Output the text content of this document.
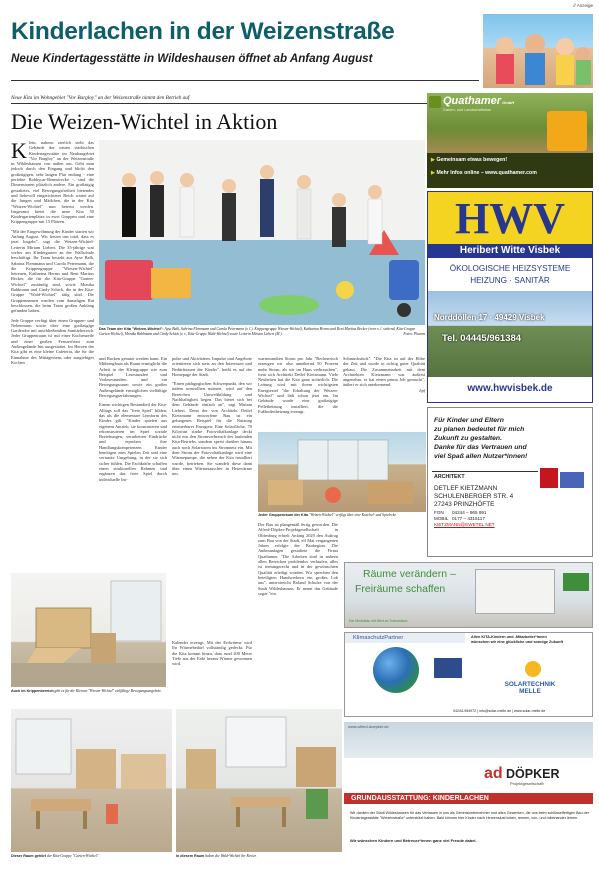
// Anzeige
Kinderlachen in der Weizenstraße
Neue Kindertagesstätte in Wildeshausen öffnet ab Anfang August
Neue Kita im Wohngebiet "Vor Bargloy" an der Weizenstraße nimmt den Betrieb auf
Die Weizen-Wichtel in Aktion
K lein, nahezu zierlich sieht das Gebäude der neuen städtischen Kindertagesstätte im Neubaugebiet "Vor Bargloy" an der Weizenstraße in Wildeshausen von außen aus. Geht man jedoch durch den Eingang und blickt den großzügigen, sehr langen Flur entlang - eine perfekte Bobbycar-Rennstrecke -, sind die Dimensionen plötzlich andere. Ein großzügig gestaltetes, viel Bewegungsfreiheit bietendes und liebevoll eingerichtetes Reich wartet auf die Jungen und Mädchen, die in der Kita "Weizen-Wichtel" nun betreut werden. Insgesamt bietet die neue Kita 50 Kindergartenplätze in zwei Gruppen und eine Krippengruppe mit 15 Plätzen.
"Mit der Eingewöhnung der Kinder starten wir Anfang August. Wir freuen uns total, dass es jetzt losgeht", sagt die Weizen-Wichtel-Leiterin Miriam Liebert. Die 35-jährige war vorher am Kindergarten an der Wallschule beschäftigt. Ihr Team besteht aus Ayse Balk, Sabrina Flemmann und Carola Petermann, die die Krippengruppe "Wiesen-Wichtel" betreuen, Katharina Herms und Reni Martius Becker, die für die Kita-Gruppe "Garten-Wichtel" zuständig sind, sowie Monika Bahlmann und Cindy Schick, die in der Kita-Gruppe "Wald-Wichtel" tätig sind. Die Gruppennamen wurden vom damaligen Rat beschlossen, die beim Team großen Anklang gefunden haben.
Jede Gruppe verfügt über einen Gruppen- und Nebenraum sowie über eine großzügige Garderobe mit anschließendem Sanitärbereich. Jeder Gruppenraum ist mit einer Kuchenzeile und einer großen Fensterfront zum Außengelände hin ausgestattet. Im Herzen der Kita gibt es eine kleine Cafeteria, die für die Einnahme des Mittagessens oder ausgiebiges Kochen
Das Team der Kita "Weizen-Wichtel": Ayse Balk, Sabrina Flemmann und Carola Petermann (v. l.), Krippengruppe Wiesen-Wichtel), Katharina Herms und Reni Martius Becker (vorn v. l. stehend, Kita-Gruppe Garten-Wichtel), Monika Bahlmann und Cindy Schick (v. r., Kita-Gruppe Wald-Wichtel) sowie Leiterin Miriam Liebert (M.).	Fotos: Pluarm
und Backen genutzt werden kann. Ein Mitbringhaus als Raum ermöglicht die Arbeit in der Kleingruppe wie zum Beispiel Lesestunden und Vorlesestunden, und ein Bewegungsraum sowie ein großes Außengelände ermöglichen vielfältige Bewegungserfahrungen.
Einem wichtigen Bestandteil der Kita-Alltags soll das "freie Spiel" bilden, das als die elementare Lernform des Kindes gilt. "Kinder spielen aus eigenem Antrieb, sie konstruieren und rekonstruieren im Spiel soziale Beziehungen, verarbeiten Eindrücke und erproben ihre Handlungskompetenzen. Kinder benötigen zum Spielen Zeit und eine vertraute Umgebung, in der sie sich sicher fühlen. Die Fachkräfte schaffen einen strukturellen Rahmen und ergänzen das freie Spiel durch individuelle Im-
pulse und Aktivitäten. Impulse und Angebote orientieren sich stets an den Interessen und Bedürfnissen der Kinder", heißt es auf der Homepage der Stadt.
"Einen pädagogischen Schwerpunkt, den wir indem umwollten müssen, wird auf den Bereichen Umweltbildung und Nachhaltigkeit liegen. Das bietet sich bei dem Gebäude einfach an", sagt Miriam Liebert. Denn der von Architekt Detlef Kietzmann entworfene Bau ist ein gelungenes Beispiel für die Nutzung erneuerbarer Energien: Eine Solarfläche, 70 Kilowatt starke Fotovoltaikanlage deckt nicht nur den Stromverbrauch des laufenden Kita-Betriebs, sondern speist darüber hinaus auch noch Solarstrom ins Stromnetz ein. Mit dem Strom der Fotovoltaikanlage wird eine Wärmepumpe, die neben der Kita installiert wurde, betrieben. Sie wandelt diese dann über einen Wärmetauscher in Heizwärme um.
warmwandten Strom pro Jahr "Rechnerisch erzeugen wir also annähernd 50 Prozent mehr Strom, als wir im Haus verbrauchen", freut sich Architekt Detlef Kietzmann. Viele Neuheiten hat die Kita ganz sicherlich: Die Leitung wird mit ihrem wichtigsten Energieziel "die Erhaltung der Weizen-Wichtel" und lädt schon jetzt ein. Im Gebäude wurde eine großzügige Pelletheizung installiert, die die Fußbodenheizung erzeugt.
Schmuckstück". "Die Kita ist auf der Höhe der Zeit und wurde in richtig guter Qualität gebaut. Die Zusammenarbeit mit dem Architekten Kietzmann war äußerst angenehm, er hat einen prima Job gemacht", äußert er sich anerkennend.
bpf
Jeder Gruppenraum der Kita "Weizen-Wichtel" verfügt über eine Kuschel- und Spielecke.
Der Bau ist plangemäß fertig geworden. Die Alfred-Döpker-Projektgesellschaft in Oldenburg erhielt Anfang 2020 den Auftrag zum Bau von der Stadt, elf Mai vergangenen Jahres erfolgte der Baubeginn. Die Außenanlagen gestaltete die Firma Quathamer. "Die Arbeiten sind in nahezu allen Bereichen problemlos verlaufen, alles ist termingerecht und in der gewünschten Qualität erledigt worden. Wir sprechen den beteiligten Handwerkern ein großes Lob aus", unterstreicht Roland Schulze von der Stadt Wildeshausen. Er nennt das Gebäude sogar "ein
Kalender erzeugt. Mit der Erdwärme wird Ihr Wärmebedarf vollständig gedeckt. Für die Kita kommt hinzu, dass rund 200 Meter Tiefe aus der Erde heraus Wärme gewonnen wird.
Auch im Krippenbereich gibt es für die Kleinen "Wiesen-Wichtel" vielfältige Bewegungsangebote.
Dieser Raum gehört der Kita-Gruppe "Garten-Wichtel".	In diesem Raum haben die Wald-Wichtel ihr Revier.
QuathamerGmbH
Garten- und Landschaftsbau
▶ Gemeinsam etwas bewegen!
▶ Mehr Infos online – www.quathamer.com
HWV
Heribert Witte Visbek
ÖKOLOGISCHE HEIZSYSTEME
HEIZUNG · SANITÄR
Norddöllen 17 · 49429 Visbek
Tel. 04445/961384
www.hwvisbek.de
Für Kinder und Eltern
zu planen bedeutet für mich
Zukunft zu gestalten.
Danke für das Vertrauen und
viel Spaß allen Nutzer*innen!
ARCHITEKT
DETLEF KIETZMANN
SCHULENBERGER STR. 4
27243 PRINZHÖFTE
FON 04244 – 965 991
MOBIL 0177 – 4315117
KIETZMANN@EWETEL.NET
Räume verändern –
Freiräume schaffen
Der Modulbau mit Wert an Transmissio
KlimaschutzPartner	Allen KiTA-Kindern und -Mitarbeiter*innen
wünschen wir eine glückliche und sonnige Zukunft
SOLARTECHNIK MELLE
04244-954972 | info@solar-melle.de | www.solar-melle.de
www.alfred-doepker.de
ad DÖPKER
Projektgesellschaft
GRUNDAUSSTATTUNG: KINDERLACHEN
Wir danken der Stadt Wildeshausen für das Vertrauen in uns als Generalunternehmer und allen Gewerken, die uns beim schlüsselfertigen Bau der Kindertagesstätte "Weizenstraße" unterstützt haben. Bald können hier Kinder nach Herzenslust toben, rennen, von- und miteinander lernen.
Wir wünschen Kindern und Betreuer*innen ganz viel Freude dabei.
